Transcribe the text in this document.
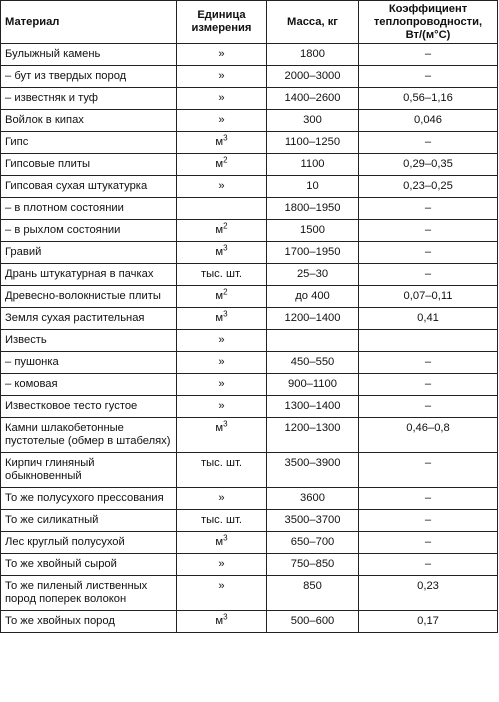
Материал	Единица измерения	Масса, кг	Коэффициент теплопроводности, Вт/(м°С)
Булыжный камень	»	1800	–
– бут из твердых пород	»	2000–3000	–
– известняк и туф	»	1400–2600	0,56–1,16
Войлок в кипах	»	300	0,046
Гипс	$м^3$	1100–1250	–
Гипсовые плиты	$м^2$	1100	0,29–0,35
Гипсовая сухая штукатурка	»	10	0,23–0,25
– в плотном состоянии		1800–1950	–
– в рыхлом состоянии	$м^2$	1500	–
Гравий	$м^3$	1700–1950	–
Дрань штукатурная в пачках	тыс. шт.	25–30	–
Древесно-волокнистые плиты	$м^2$	до 400	0,07–0,11
Земля сухая растительная	$м^3$	1200–1400	0,41
Известь	»		
– пушонка	»	450–550	–
– комовая	»	900–1100	–
Известковое тесто густое	»	1300–1400	–
Камни шлакобетонные пустотелые (обмер в штабелях)	$м^3$	1200–1300	0,46–0,8
Кирпич глиняный обыкновенный	тыс. шт.	3500–3900	–
То же полусухого прессования	»	3600	–
То же силикатный	тыс. шт.	3500–3700	–
Лес круглый полусухой	$м^3$	650–700	–
То же хвойный сырой	»	750–850	–
То же пиленый лиственных пород поперек волокон	»	850	0,23
То же хвойных пород	$м^3$	500–600	0,17
